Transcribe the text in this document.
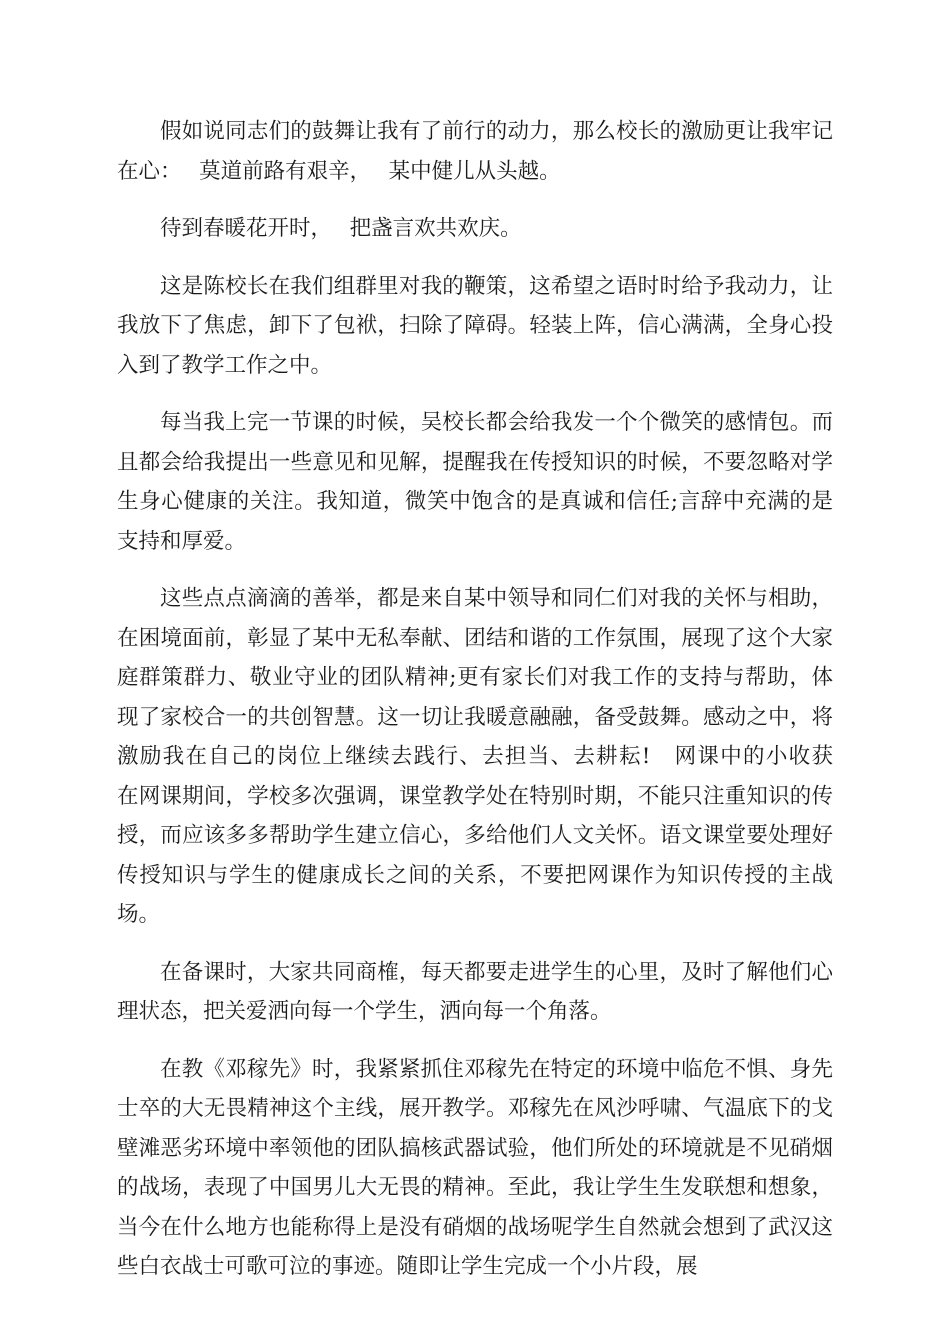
假如说同志们的鼓舞让我有了前行的动力，那么校长的激励更让我牢记在心：　 莫道前路有艰辛，　 某中健儿从头越。

待到春暖花开时，　 把盏言欢共欢庆。

这是陈校长在我们组群里对我的鞭策，这希望之语时时给予我动力，让我放下了焦虑，卸下了包袱，扫除了障碍。轻装上阵，信心满满，全身心投入到了教学工作之中。

每当我上完一节课的时候，吴校长都会给我发一个个微笑的感情包。而且都会给我提出一些意见和见解，提醒我在传授知识的时候，不要忽略对学生身心健康的关注。我知道，微笑中饱含的是真诚和信任;言辞中充满的是支持和厚爱。

这些点点滴滴的善举，都是来自某中领导和同仁们对我的关怀与相助，在困境面前，彰显了某中无私奉献、团结和谐的工作氛围，展现了这个大家庭群策群力、敬业守业的团队精神;更有家长们对我工作的支持与帮助，体现了家校合一的共创智慧。这一切让我暖意融融，备受鼓舞。感动之中，将激励我在自己的岗位上继续去践行、去担当、去耕耘!　网课中的小收获　在网课期间，学校多次强调，课堂教学处在特别时期，不能只注重知识的传授，而应该多多帮助学生建立信心，多给他们人文关怀。语文课堂要处理好传授知识与学生的健康成长之间的关系，不要把网课作为知识传授的主战场。

在备课时，大家共同商榷，每天都要走进学生的心里，及时了解他们心理状态，把关爱洒向每一个学生，洒向每一个角落。

在教《邓稼先》时，我紧紧抓住邓稼先在特定的环境中临危不惧、身先士卒的大无畏精神这个主线，展开教学。邓稼先在风沙呼啸、气温底下的戈壁滩恶劣环境中率领他的团队搞核武器试验，他们所处的环境就是不见硝烟的战场，表现了中国男儿大无畏的精神。至此，我让学生生发联想和想象，当今在什么地方也能称得上是没有硝烟的战场呢学生自然就会想到了武汉这些白衣战士可歌可泣的事迹。随即让学生完成一个小片段，展
